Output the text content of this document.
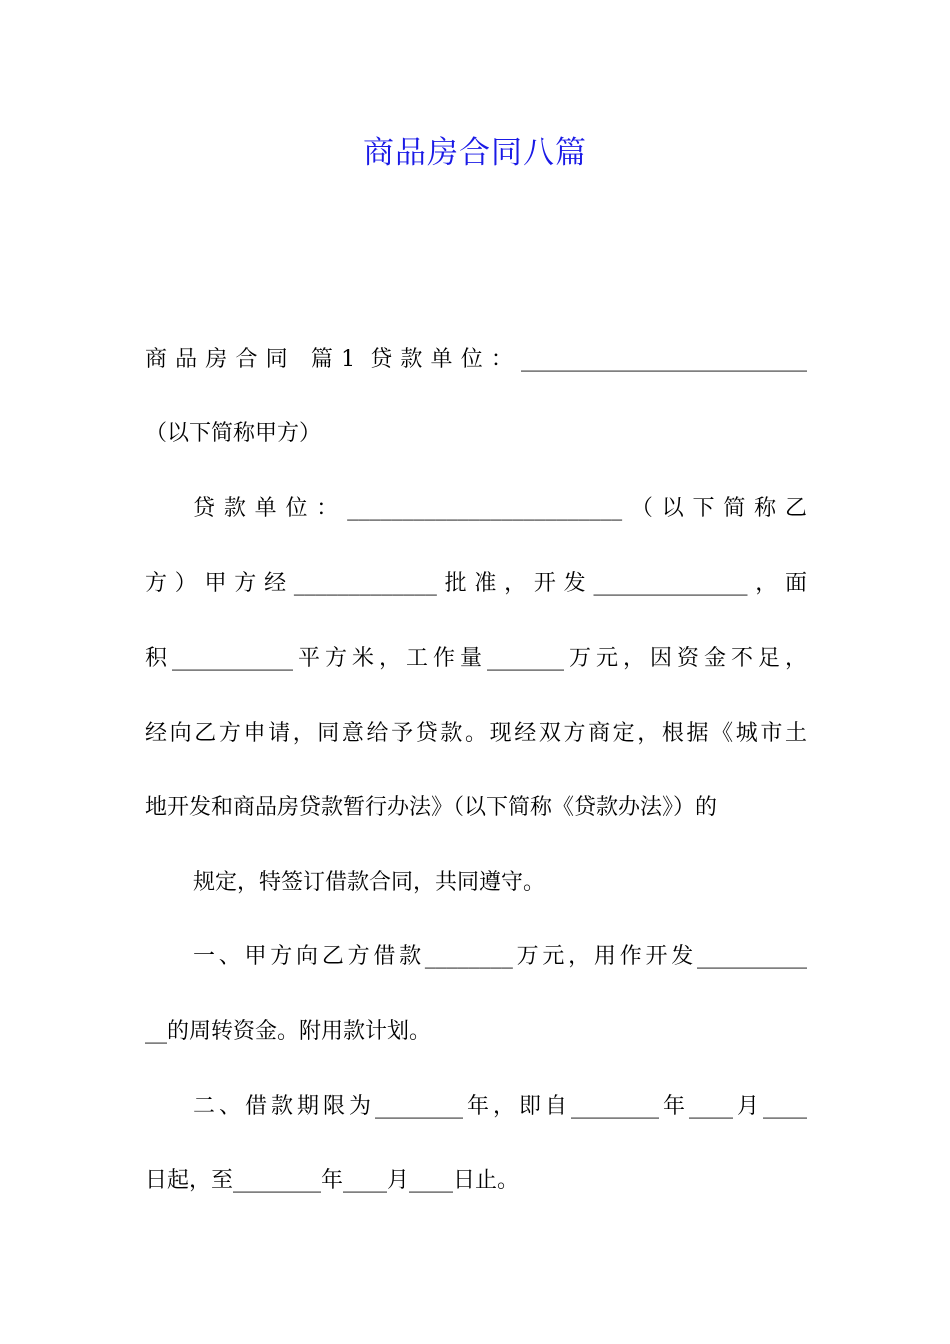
商品房合同八篇
商品房合同 篇1 贷款单位：__________________________
（以下简称甲方）
贷款单位：_________________________（以下简称乙
方）甲方经_____________批准，开发______________，面
积___________平方米，工作量_______万元，因资金不足，
经向乙方申请，同意给予贷款。现经双方商定，根据《城市土
地开发和商品房贷款暂行办法》（以下简称《贷款办法》）的
规定，特签订借款合同，共同遵守。
一、甲方向乙方借款________万元，用作开发__________
__的周转资金。附用款计划。
二、借款期限为________年，即自________年____月____
日起，至________年____月____日止。
